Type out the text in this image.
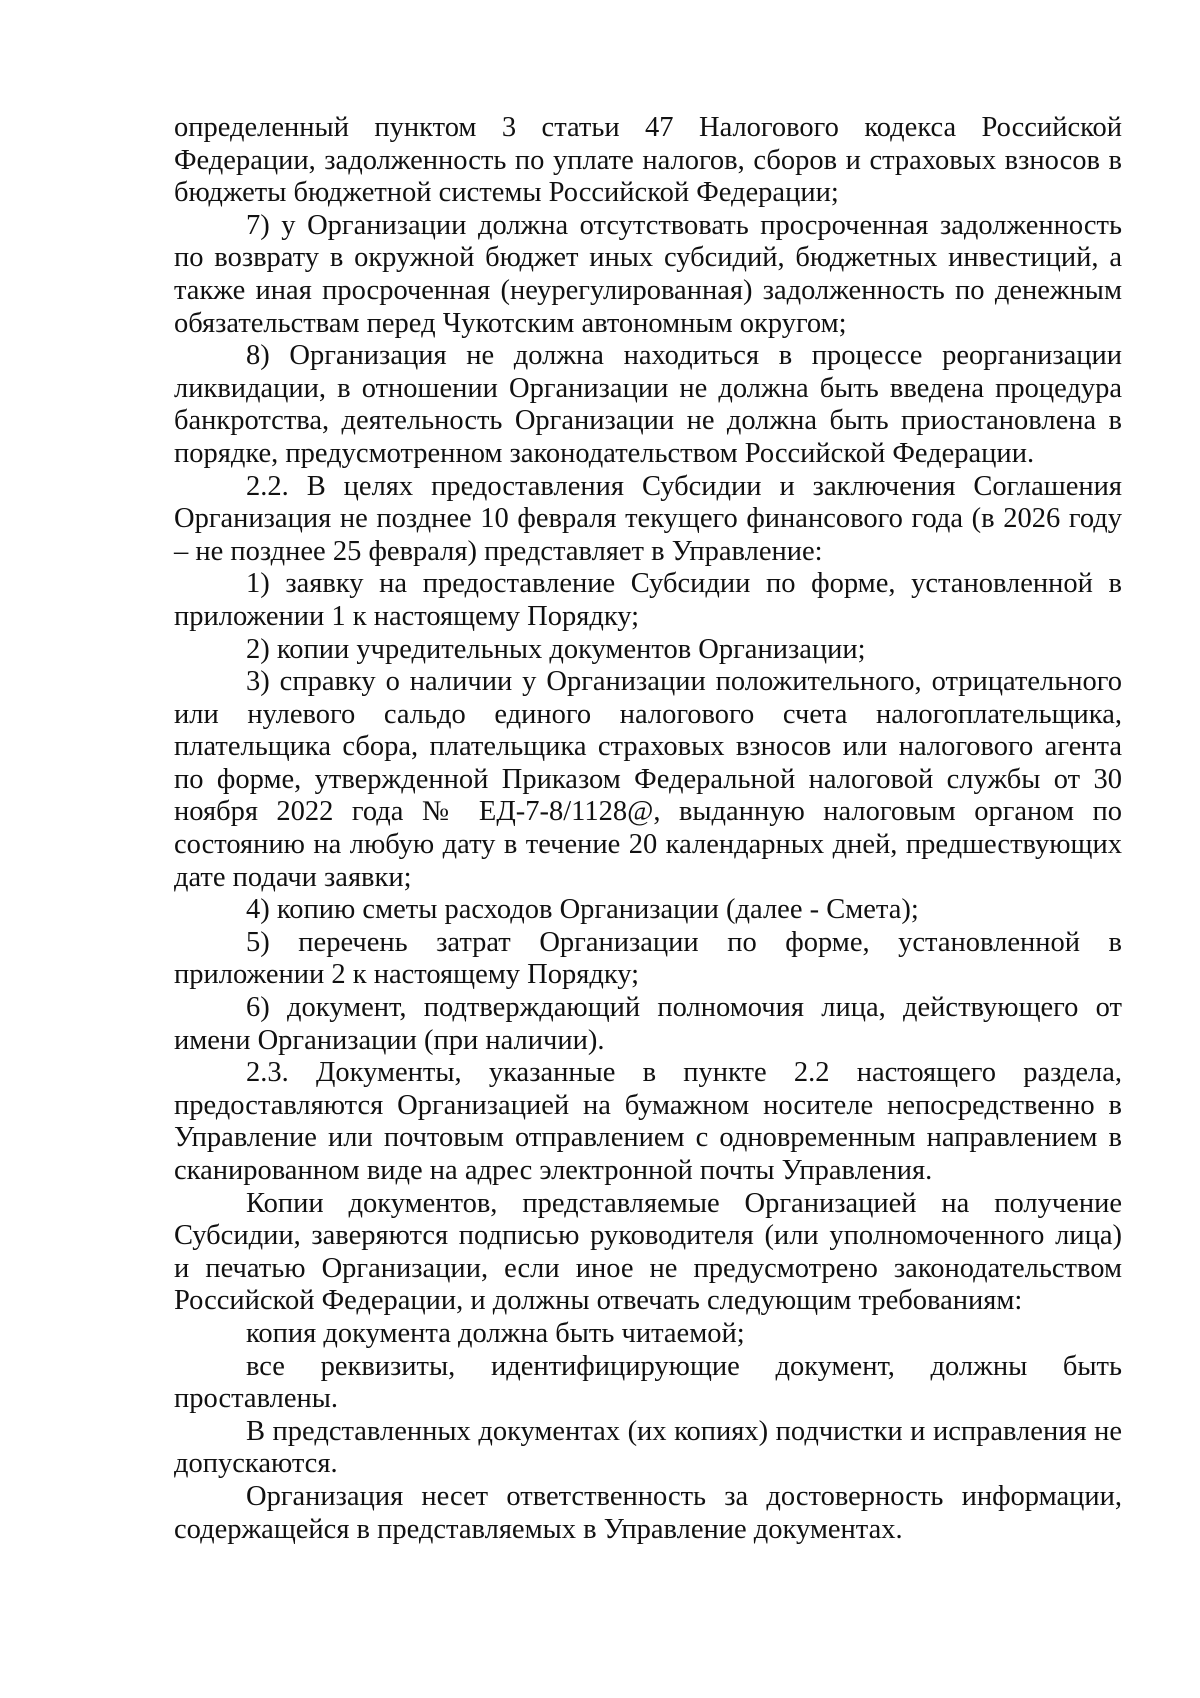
определенный пунктом 3 статьи 47 Налогового кодекса Российской Федерации, задолженность по уплате налогов, сборов и страховых взносов в бюджеты бюджетной системы Российской Федерации;

7) у Организации должна отсутствовать просроченная задолженность по возврату в окружной бюджет иных субсидий, бюджетных инвестиций, а также иная просроченная (неурегулированная) задолженность по денежным обязательствам перед Чукотским автономным округом;

8) Организация не должна находиться в процессе реорганизации ликвидации, в отношении Организации не должна быть введена процедура банкротства, деятельность Организации не должна быть приостановлена в порядке, предусмотренном законодательством Российской Федерации.

2.2. В целях предоставления Субсидии и заключения Соглашения Организация не позднее 10 февраля текущего финансового года (в 2026 году – не позднее 25 февраля) представляет в Управление:

1) заявку на предоставление Субсидии по форме, установленной в приложении 1 к настоящему Порядку;

2) копии учредительных документов Организации;

3) справку о наличии у Организации положительного, отрицательного или нулевого сальдо единого налогового счета налогоплательщика, плательщика сбора, плательщика страховых взносов или налогового агента по форме, утвержденной Приказом Федеральной налоговой службы от 30 ноября 2022 года № ЕД-7-8/1128@, выданную налоговым органом по состоянию на любую дату в течение 20 календарных дней, предшествующих дате подачи заявки;

4) копию сметы расходов Организации (далее - Смета);

5) перечень затрат Организации по форме, установленной в приложении 2 к настоящему Порядку;

6) документ, подтверждающий полномочия лица, действующего от имени Организации (при наличии).

2.3. Документы, указанные в пункте 2.2 настоящего раздела, предоставляются Организацией на бумажном носителе непосредственно в Управление или почтовым отправлением с одновременным направлением в сканированном виде на адрес электронной почты Управления.

Копии документов, представляемые Организацией на получение Субсидии, заверяются подписью руководителя (или уполномоченного лица) и печатью Организации, если иное не предусмотрено законодательством Российской Федерации, и должны отвечать следующим требованиям:

копия документа должна быть читаемой;

все реквизиты, идентифицирующие документ, должны быть проставлены.

В представленных документах (их копиях) подчистки и исправления не допускаются.

Организация несет ответственность за достоверность информации, содержащейся в представляемых в Управление документах.
